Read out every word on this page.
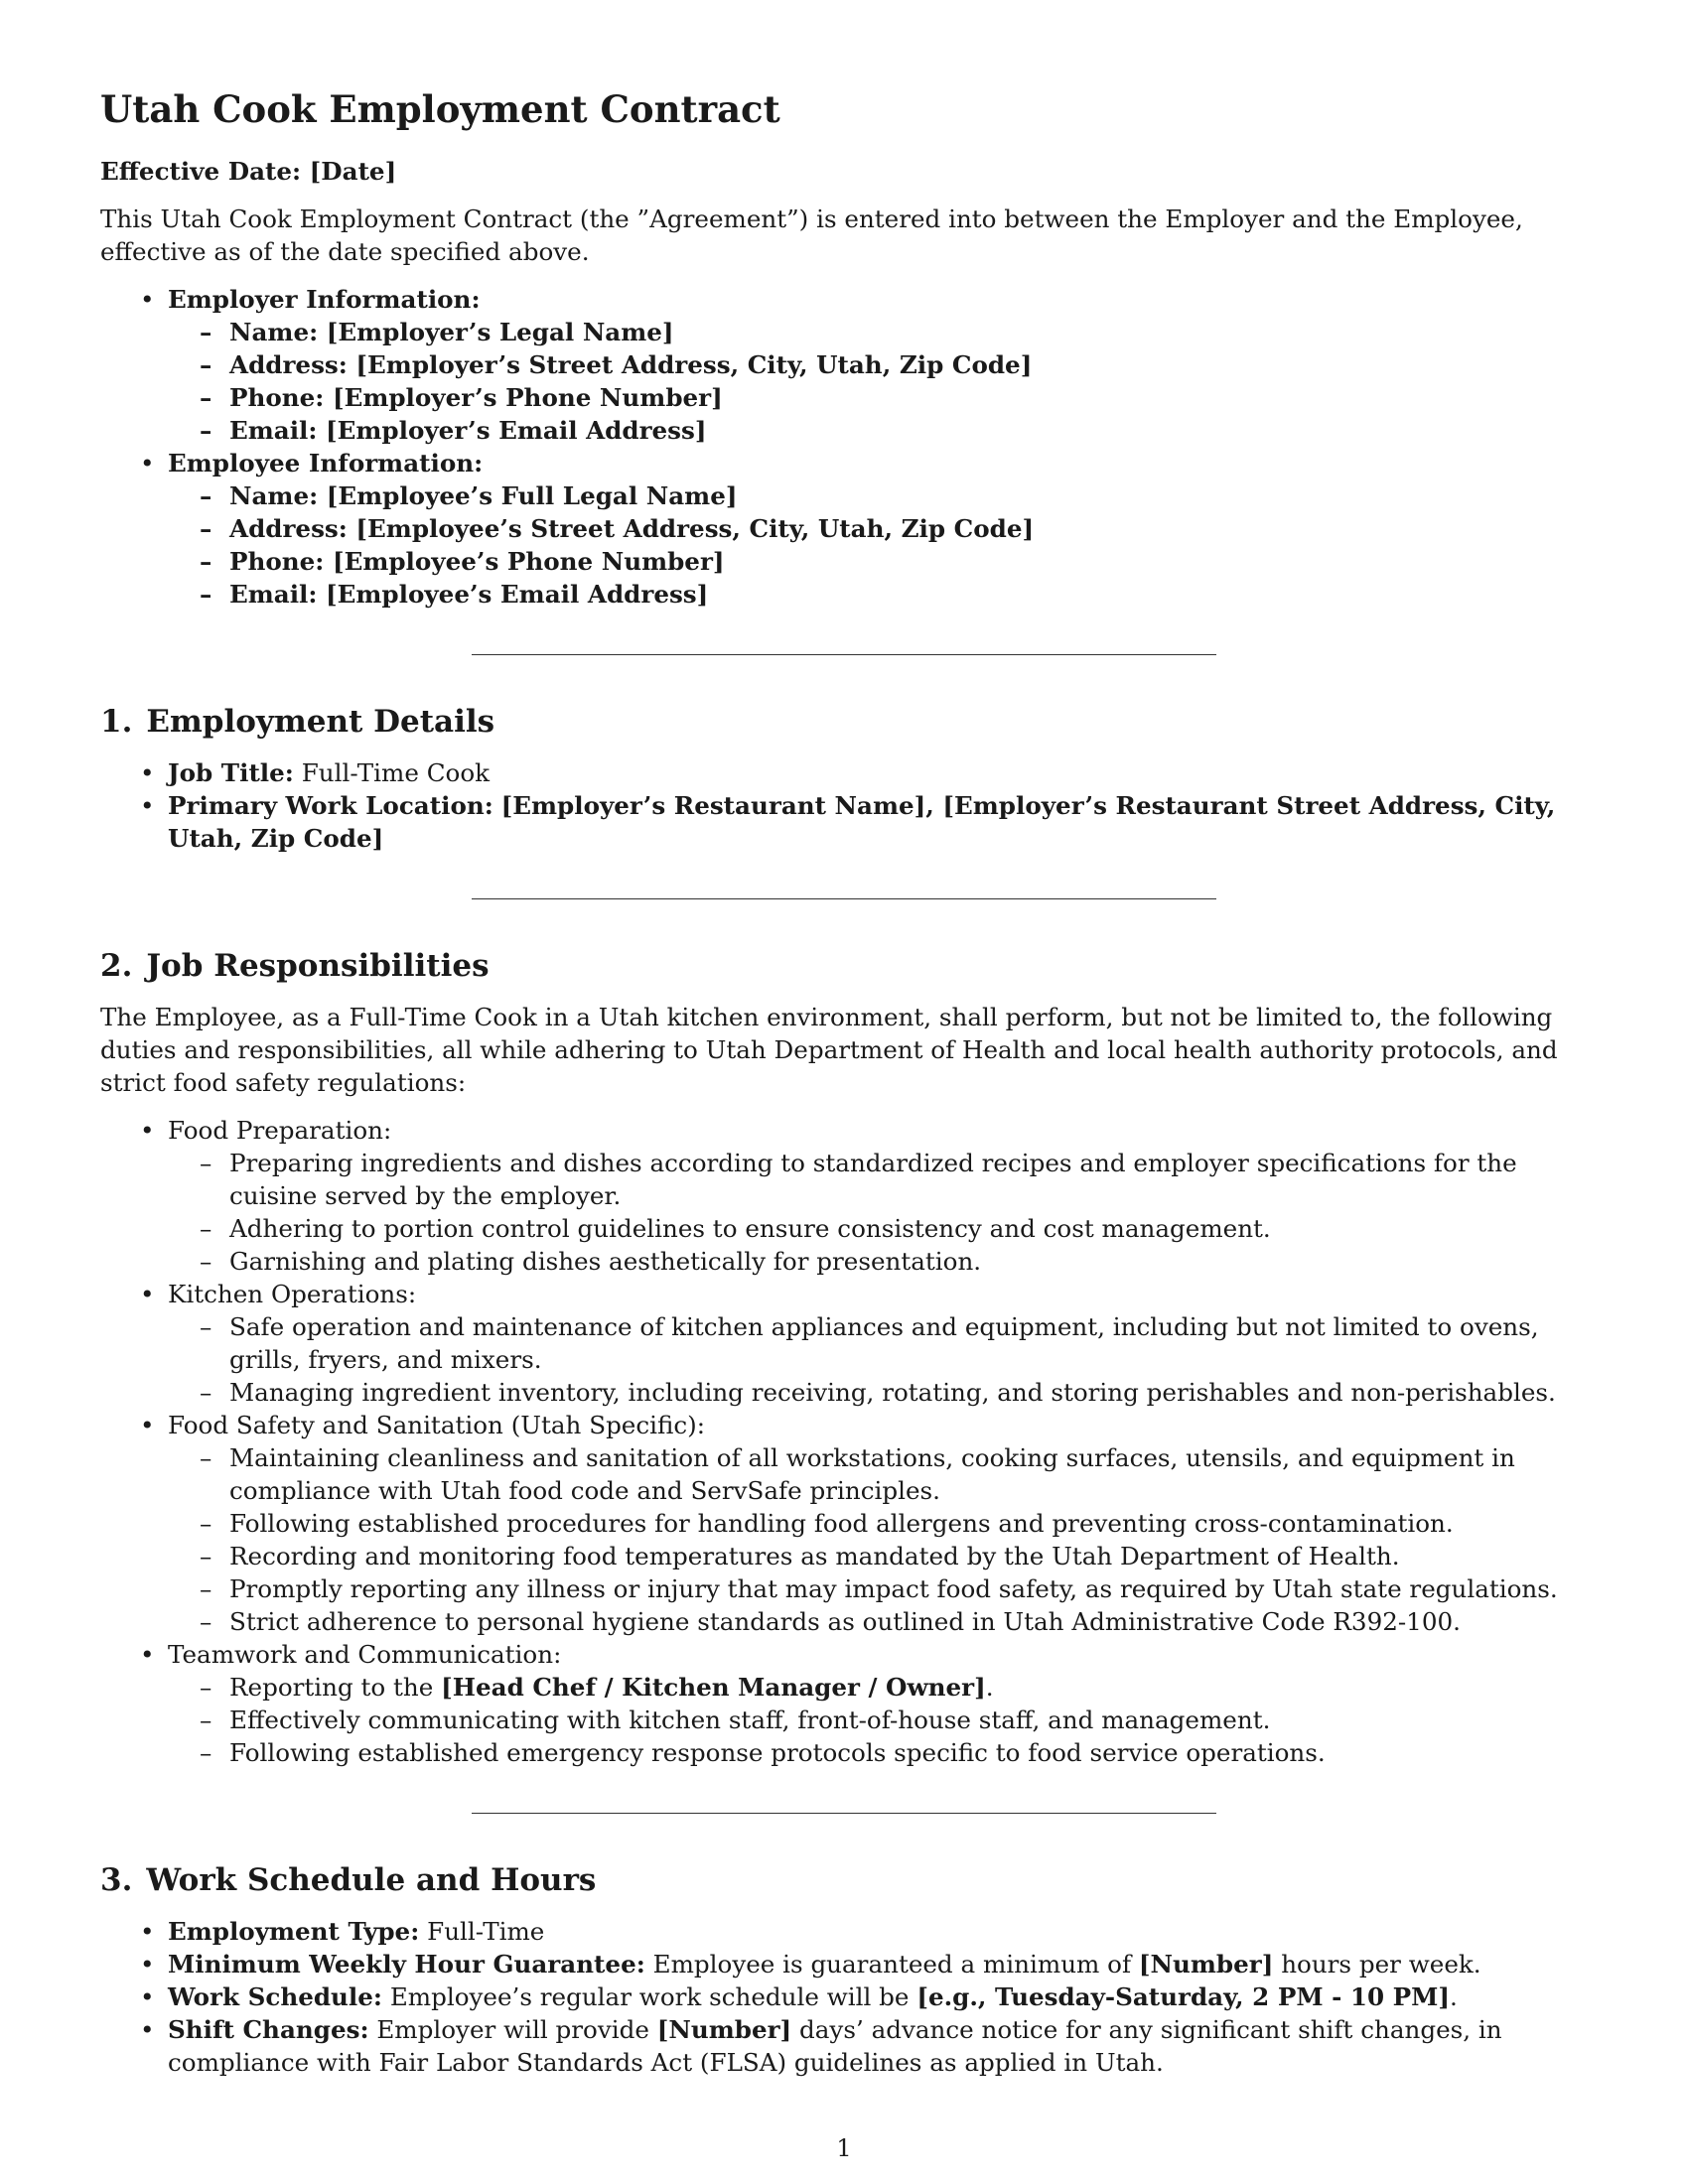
Utah Cook Employment Contract

Effective Date: [Date]

This Utah Cook Employment Contract (the ”Agreement”) is entered into between the Employer and the Employee, effective as of the date specified above.

• Employer Information:
– Name: [Employer’s Legal Name]
– Address: [Employer’s Street Address, City, Utah, Zip Code]
– Phone: [Employer’s Phone Number]
– Email: [Employer’s Email Address]
• Employee Information:
– Name: [Employee’s Full Legal Name]
– Address: [Employee’s Street Address, City, Utah, Zip Code]
– Phone: [Employee’s Phone Number]
– Email: [Employee’s Email Address]
1. Employment Details
• Job Title: Full-Time Cook
• Primary Work Location: [Employer’s Restaurant Name], [Employer’s Restaurant Street Address, City, Utah, Zip Code]
2. Job Responsibilities

The Employee, as a Full-Time Cook in a Utah kitchen environment, shall perform, but not be limited to, the following duties and responsibilities, all while adhering to Utah Department of Health and local health authority protocols, and strict food safety regulations:

• Food Preparation:
– Preparing ingredients and dishes according to standardized recipes and employer specifications for the cuisine served by the employer.
– Adhering to portion control guidelines to ensure consistency and cost management.
– Garnishing and plating dishes aesthetically for presentation.
• Kitchen Operations:
– Safe operation and maintenance of kitchen appliances and equipment, including but not limited to ovens, grills, fryers, and mixers.
– Managing ingredient inventory, including receiving, rotating, and storing perishables and non-perishables.
• Food Safety and Sanitation (Utah Specific):
– Maintaining cleanliness and sanitation of all workstations, cooking surfaces, utensils, and equipment in compliance with Utah food code and ServSafe principles.
– Following established procedures for handling food allergens and preventing cross-contamination.
– Recording and monitoring food temperatures as mandated by the Utah Department of Health.
– Promptly reporting any illness or injury that may impact food safety, as required by Utah state regulations.
– Strict adherence to personal hygiene standards as outlined in Utah Administrative Code R392-100.
• Teamwork and Communication:
– Reporting to the [Head Chef / Kitchen Manager / Owner].
– Effectively communicating with kitchen staff, front-of-house staff, and management.
– Following established emergency response protocols specific to food service operations.
3. Work Schedule and Hours
• Employment Type: Full-Time
• Minimum Weekly Hour Guarantee: Employee is guaranteed a minimum of [Number] hours per week.
• Work Schedule: Employee’s regular work schedule will be [e.g., Tuesday-Saturday, 2 PM - 10 PM].
• Shift Changes: Employer will provide [Number] days’ advance notice for any significant shift changes, in compliance with Fair Labor Standards Act (FLSA) guidelines as applied in Utah.
1
